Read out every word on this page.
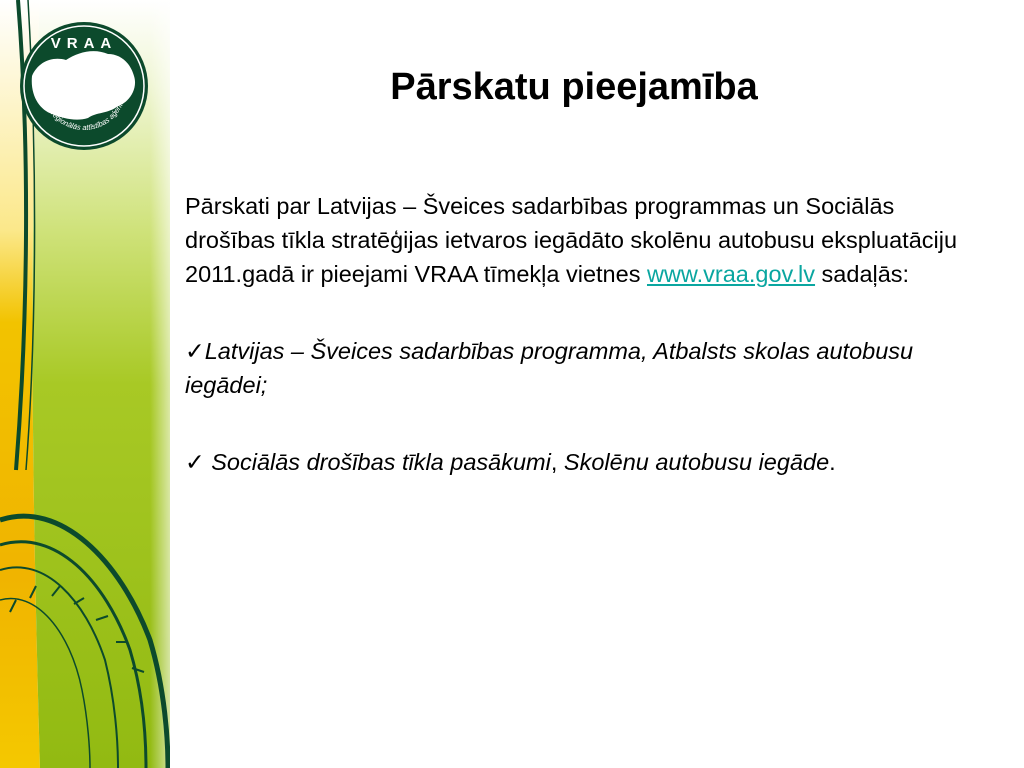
VRAA
Valsts reģionālās attīstības aģentūra	Pārskatu pieejamība

Pārskati par Latvijas – Šveices sadarbības programmas un Sociālās drošības tīkla stratēģijas ietvaros iegādāto skolēnu autobusu ekspluatāciju 2011.gadā ir pieejami VRAA tīmekļa vietnes www.vraa.gov.lv sadaļās:

✓Latvijas – Šveices sadarbības programma, Atbalsts skolas autobusu iegādei;

✓ Sociālās drošības tīkla pasākumi, Skolēnu autobusu iegāde.
